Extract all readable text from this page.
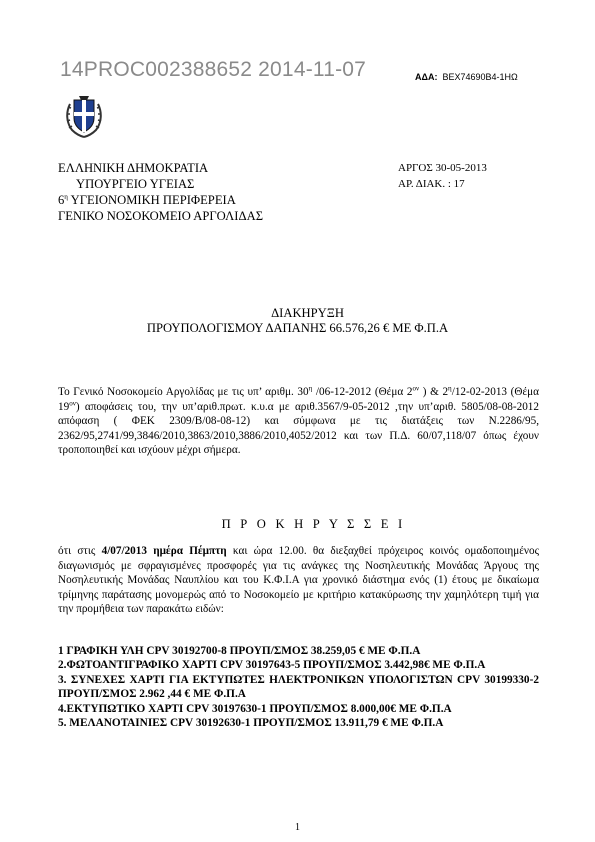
14PROC002388652 2014-11-07	ΑΔΑ: ΒΕΧ74690Β4-1ΗΩ
ΕΛΛΗΝΙΚΗ ΔΗΜΟΚΡΑΤΙΑ
ΥΠΟΥΡΓΕΙΟ ΥΓΕΙΑΣ
$6^\eta$ ΥΓΕΙΟΝΟΜΙΚΗ ΠΕΡΙΦΕΡΕΙΑ
ΓΕΝΙΚΟ ΝΟΣΟΚΟΜΕΙΟ ΑΡΓΟΛΙΔΑΣ
ΑΡΓΟΣ 30-05-2013
ΑΡ. ΔΙΑΚ. : 17
ΔΙΑΚΗΡΥΞΗ
ΠΡΟΥΠΟΛΟΓΙΣΜΟΥ ΔΑΠΑΝΗΣ 66.576,26 € ΜΕ Φ.Π.Α
Το Γενικό Νοσοκομείο Αργολίδας με τις υπ’ αριθμ. $30^\eta$ /06-12-2012 (Θέμα $2^{o\nu}$ ) & $2^\eta/12-02-2013$ (Θέμα $19^{o\nu}$) αποφάσεις του, την υπ’αριθ.πρωτ. κ.υ.α με αριθ.3567/9-05-2012 ,την υπ’αριθ. 5805/08-08-2012 απόφαση ( ΦΕΚ 2309/Β/08-08-12) και σύμφωνα με τις διατάξεις των Ν.2286/95, 2362/95,2741/99,3846/2010,3863/2010,3886/2010,4052/2012 και των Π.Δ. 60/07,118/07 όπως έχουν τροποποιηθεί και ισχύουν μέχρι σήμερα.
Π Ρ Ο Κ Η Ρ Υ Σ Σ Ε Ι
ότι στις 4/07/2013 ημέρα Πέμπτη και ώρα 12.00. θα διεξαχθεί πρόχειρος κοινός ομαδοποιημένος διαγωνισμός με σφραγισμένες προσφορές για τις ανάγκες της Νοσηλευτικής Μονάδας Άργους της Νοσηλευτικής Μονάδας Ναυπλίου και του Κ.Φ.Ι.Α για χρονικό διάστημα ενός (1) έτους με δικαίωμα τρίμηνης παράτασης μονομερώς από το Νοσοκομείο με κριτήριο κατακύρωσης την χαμηλότερη τιμή για την προμήθεια των παρακάτω ειδών:
1 ΓΡΑΦΙΚΗ ΥΛΗ CPV 30192700-8 ΠΡΟΥΠ/ΣΜΟΣ 38.259,05 € ΜΕ Φ.Π.Α
2.ΦΩΤΟΑΝΤΙΓΡΑΦΙΚΟ ΧΑΡΤΙ CPV 30197643-5 ΠΡΟΥΠ/ΣΜΟΣ 3.442,98€ ΜΕ Φ.Π.Α
3. ΣΥΝΕΧΕΣ ΧΑΡΤΙ ΓΙΑ ΕΚΤΥΠΩΤΕΣ ΗΛΕΚΤΡΟΝΙΚΩΝ ΥΠΟΛΟΓΙΣΤΩΝ CPV 30199330-2 ΠΡΟΥΠ/ΣΜΟΣ 2.962 ,44 € ΜΕ Φ.Π.Α
4.ΕΚΤΥΠΩΤΙΚΟ ΧΑΡΤΙ CPV 30197630-1 ΠΡΟΥΠ/ΣΜΟΣ 8.000,00€ ΜΕ Φ.Π.Α
5. ΜΕΛΑΝΟΤΑΙΝΙΕΣ CPV 30192630-1 ΠΡΟΥΠ/ΣΜΟΣ 13.911,79 € ΜΕ Φ.Π.Α
1
